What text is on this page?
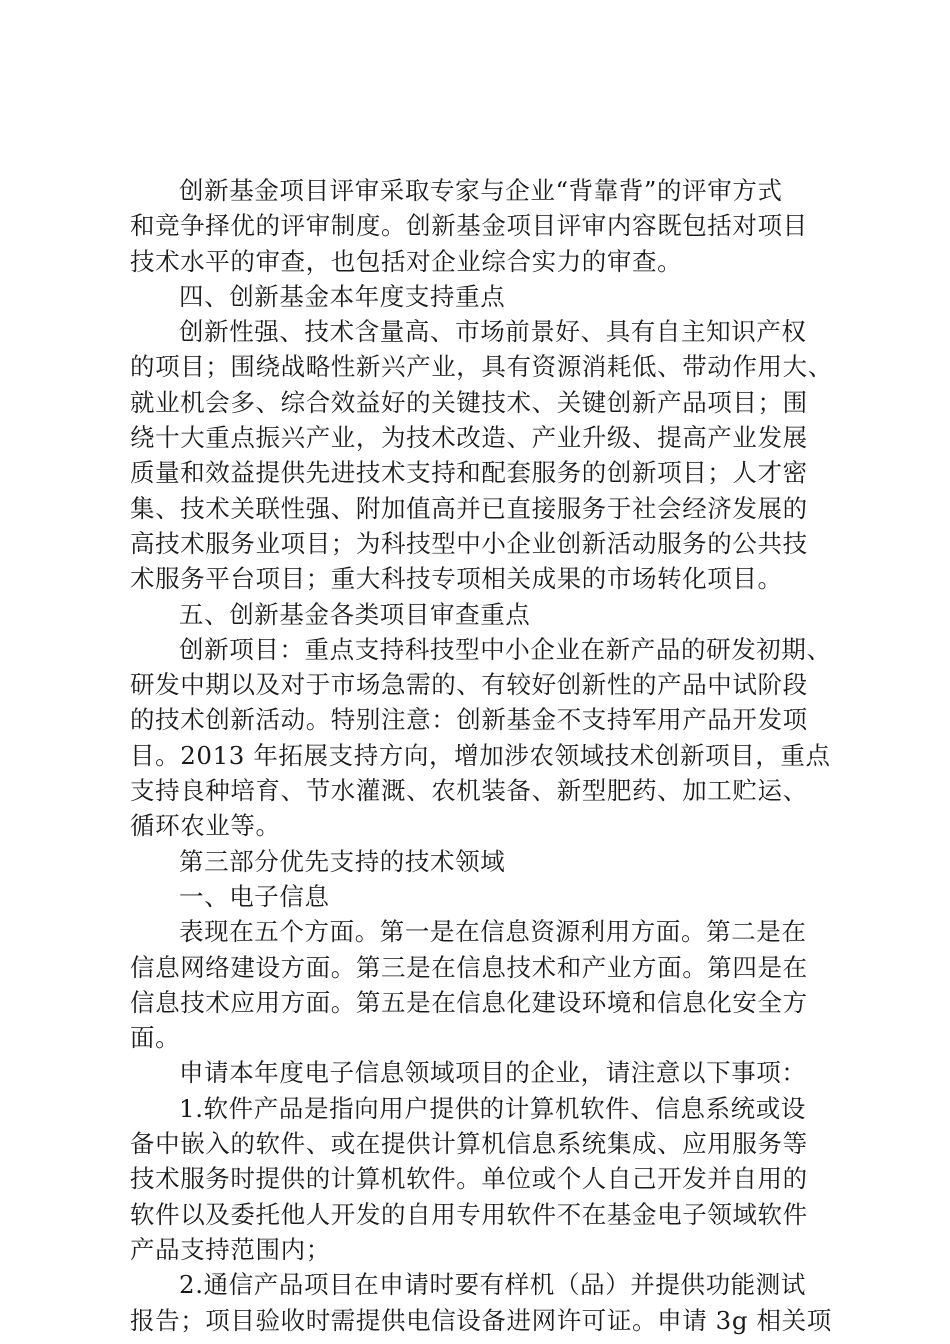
创新基金项目评审采取专家与企业“背靠背”的评审方式

和竞争择优的评审制度。创新基金项目评审内容既包括对项目

技术水平的审查，也包括对企业综合实力的审查。

四、创新基金本年度支持重点

创新性强、技术含量高、市场前景好、具有自主知识产权

的项目；围绕战略性新兴产业，具有资源消耗低、带动作用大、

就业机会多、综合效益好的关键技术、关键创新产品项目；围

绕十大重点振兴产业，为技术改造、产业升级、提高产业发展

质量和效益提供先进技术支持和配套服务的创新项目；人才密

集、技术关联性强、附加值高并已直接服务于社会经济发展的

高技术服务业项目；为科技型中小企业创新活动服务的公共技

术服务平台项目；重大科技专项相关成果的市场转化项目。

五、创新基金各类项目审查重点

创新项目：重点支持科技型中小企业在新产品的研发初期、

研发中期以及对于市场急需的、有较好创新性的产品中试阶段

的技术创新活动。特别注意：创新基金不支持军用产品开发项

目。2013 年拓展支持方向，增加涉农领域技术创新项目，重点

支持良种培育、节水灌溉、农机装备、新型肥药、加工贮运、

循环农业等。

第三部分优先支持的技术领域

一、电子信息

表现在五个方面。第一是在信息资源利用方面。第二是在

信息网络建设方面。第三是在信息技术和产业方面。第四是在

信息技术应用方面。第五是在信息化建设环境和信息化安全方

面。

申请本年度电子信息领域项目的企业，请注意以下事项：

1.软件产品是指向用户提供的计算机软件、信息系统或设

备中嵌入的软件、或在提供计算机信息系统集成、应用服务等

技术服务时提供的计算机软件。单位或个人自己开发并自用的

软件以及委托他人开发的自用专用软件不在基金电子领域软件

产品支持范围内；

2.通信产品项目在申请时要有样机（品）并提供功能测试

报告；项目验收时需提供电信设备进网许可证。申请 3g 相关项
